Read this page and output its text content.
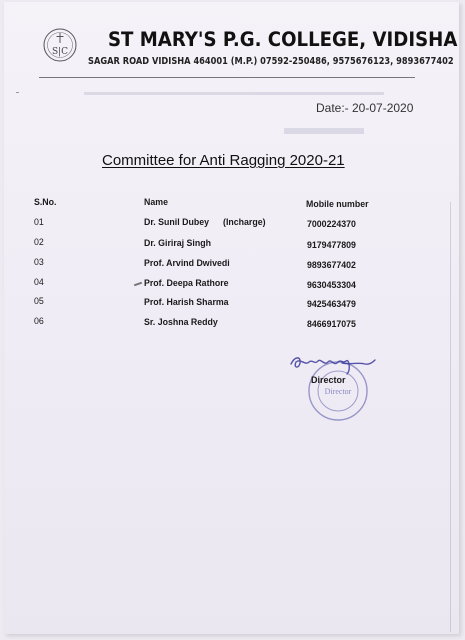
S|C
ST MARY'S P.G. COLLEGE, VIDISHA
SAGAR ROAD VIDISHA 464001 (M.P.) 07592-250486, 9575676123, 9893677402
Date:- 20-07-2020
Committee for Anti Ragging 2020-21
S.No.	Name	Mobile number
01	Dr. Sunil Dubey (Incharge)	7000224370
02	Dr. Giriraj Singh	9179477809
03	Prof. Arvind Dwivedi	9893677402
04	Prof. Deepa Rathore	9630453304
05	Prof. Harish Sharma	9425463479
06	Sr. Joshna Reddy	8466917075
Director
Director
